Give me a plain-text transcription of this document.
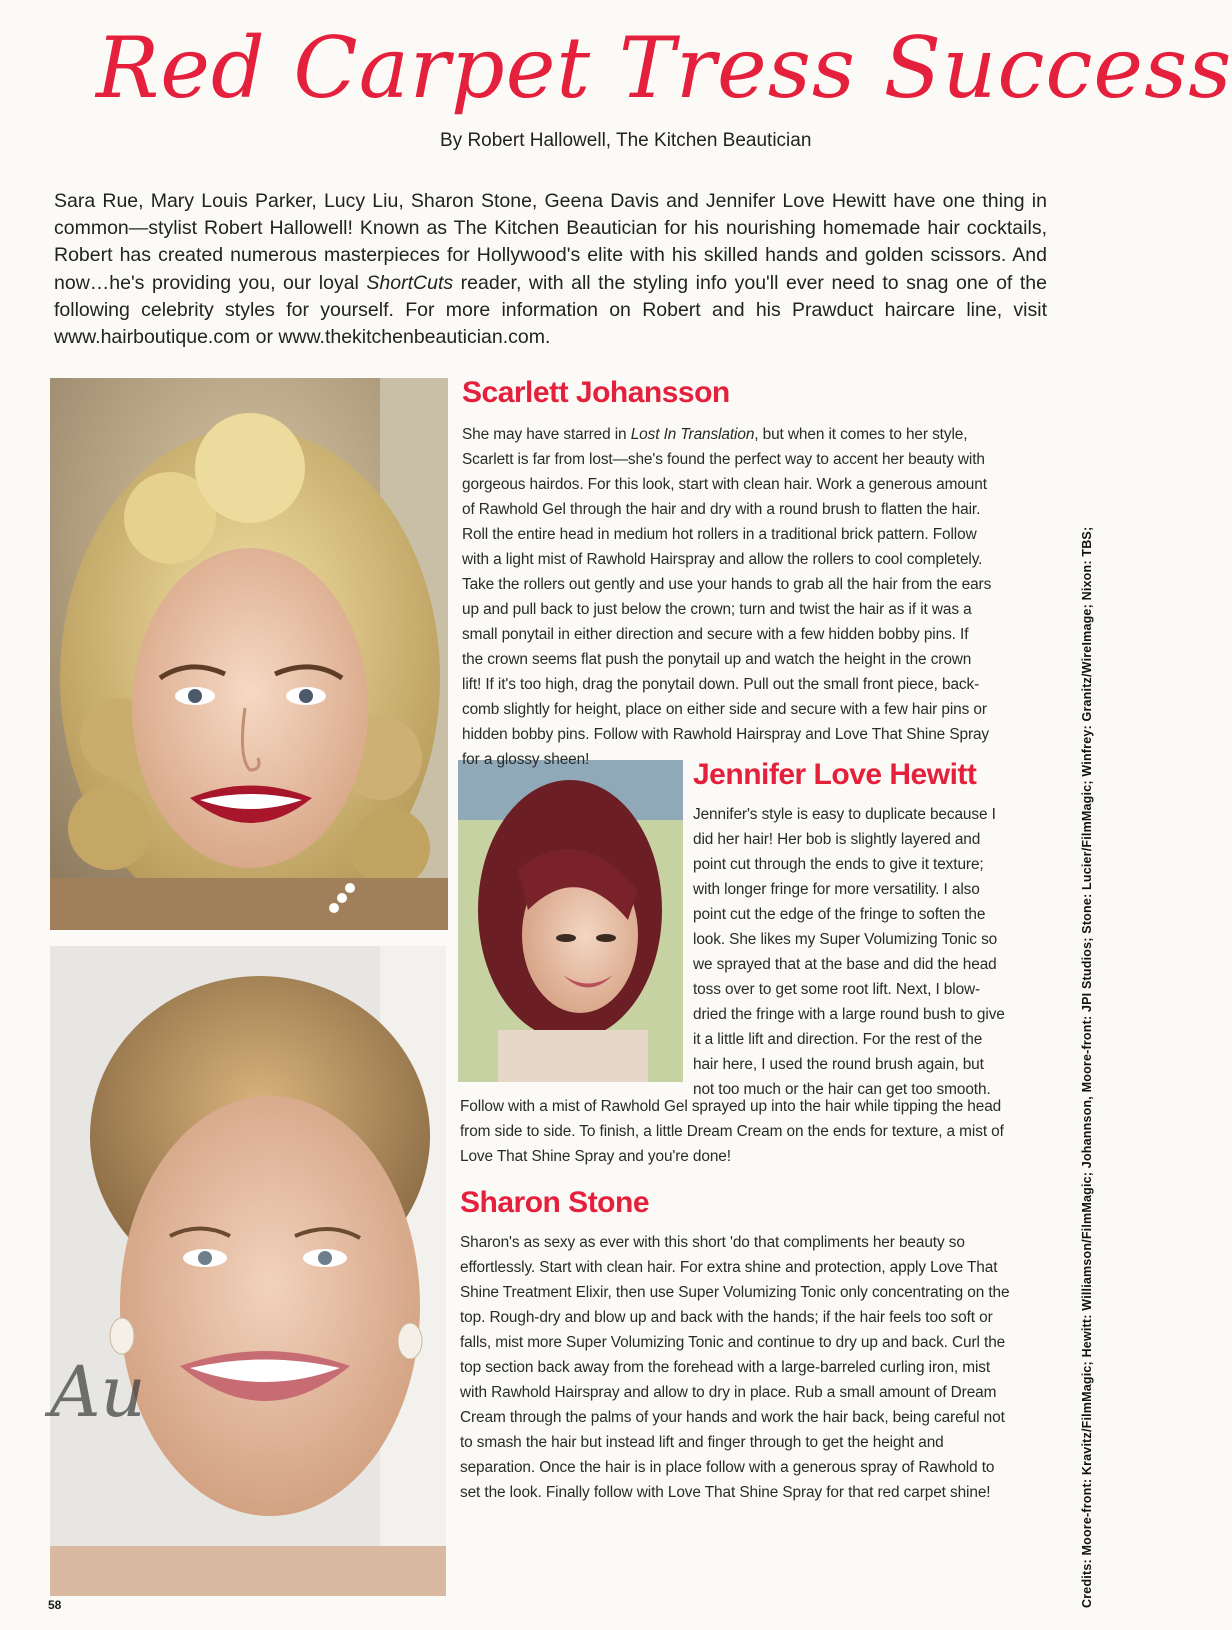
Red Carpet Tress Success
By Robert Hallowell, The Kitchen Beautician
Sara Rue, Mary Louis Parker, Lucy Liu, Sharon Stone, Geena Davis and Jennifer Love Hewitt have one thing in common—stylist Robert Hallowell! Known as The Kitchen Beautician for his nourishing homemade hair cocktails, Robert has created numerous masterpieces for Hollywood's elite with his skilled hands and golden scissors. And now…he's providing you, our loyal ShortCuts reader, with all the styling info you'll ever need to snag one of the following celebrity styles for yourself. For more information on Robert and his Prawduct haircare line, visit www.hairboutique.com or www.thekitchenbeautician.com.
Au
Scarlett Johansson
She may have starred in Lost In Translation, but when it comes to her style, Scarlett is far from lost—she's found the perfect way to accent her beauty with gorgeous hairdos. For this look, start with clean hair. Work a generous amount of Rawhold Gel through the hair and dry with a round brush to flatten the hair. Roll the entire head in medium hot rollers in a traditional brick pattern. Follow with a light mist of Rawhold Hairspray and allow the rollers to cool completely. Take the rollers out gently and use your hands to grab all the hair from the ears up and pull back to just below the crown; turn and twist the hair as if it was a small ponytail in either direction and secure with a few hidden bobby pins. If the crown seems flat push the ponytail up and watch the height in the crown lift! If it's too high, drag the ponytail down. Pull out the small front piece, back-comb slightly for height, place on either side and secure with a few hair pins or hidden bobby pins. Follow with Rawhold Hairspray and Love That Shine Spray for a glossy sheen!	Jennifer Love Hewitt
Jennifer's style is easy to duplicate because I did her hair! Her bob is slightly layered and point cut through the ends to give it texture; with longer fringe for more versatility. I also point cut the edge of the fringe to soften the look. She likes my Super Volumizing Tonic so we sprayed that at the base and did the head toss over to get some root lift. Next, I blow-dried the fringe with a large round bush to give it a little lift and direction. For the rest of the hair here, I used the round brush again, but not too much or the hair can get too smooth.
Follow with a mist of Rawhold Gel sprayed up into the hair while tipping the head from side to side. To finish, a little Dream Cream on the ends for texture, a mist of Love That Shine Spray and you're done!
Sharon Stone
Sharon's as sexy as ever with this short 'do that compliments her beauty so effortlessly. Start with clean hair. For extra shine and protection, apply Love That Shine Treatment Elixir, then use Super Volumizing Tonic only concentrating on the top. Rough-dry and blow up and back with the hands; if the hair feels too soft or falls, mist more Super Volumizing Tonic and continue to dry up and back. Curl the top section back away from the forehead with a large-barreled curling iron, mist with Rawhold Hairspray and allow to dry in place. Rub a small amount of Dream Cream through the palms of your hands and work the hair back, being careful not to smash the hair but instead lift and finger through to get the height and separation. Once the hair is in place follow with a generous spray of Rawhold to set the look. Finally follow with Love That Shine Spray for that red carpet shine!	Credits: Moore-front: Kravitz/FilmMagic; Hewitt: Williamson/FilmMagic; Johannson, Moore-front: JPI Studios; Stone: Lucier/FilmMagic; Winfrey: Granitz/WireImage; Nixon: TBS;
58
